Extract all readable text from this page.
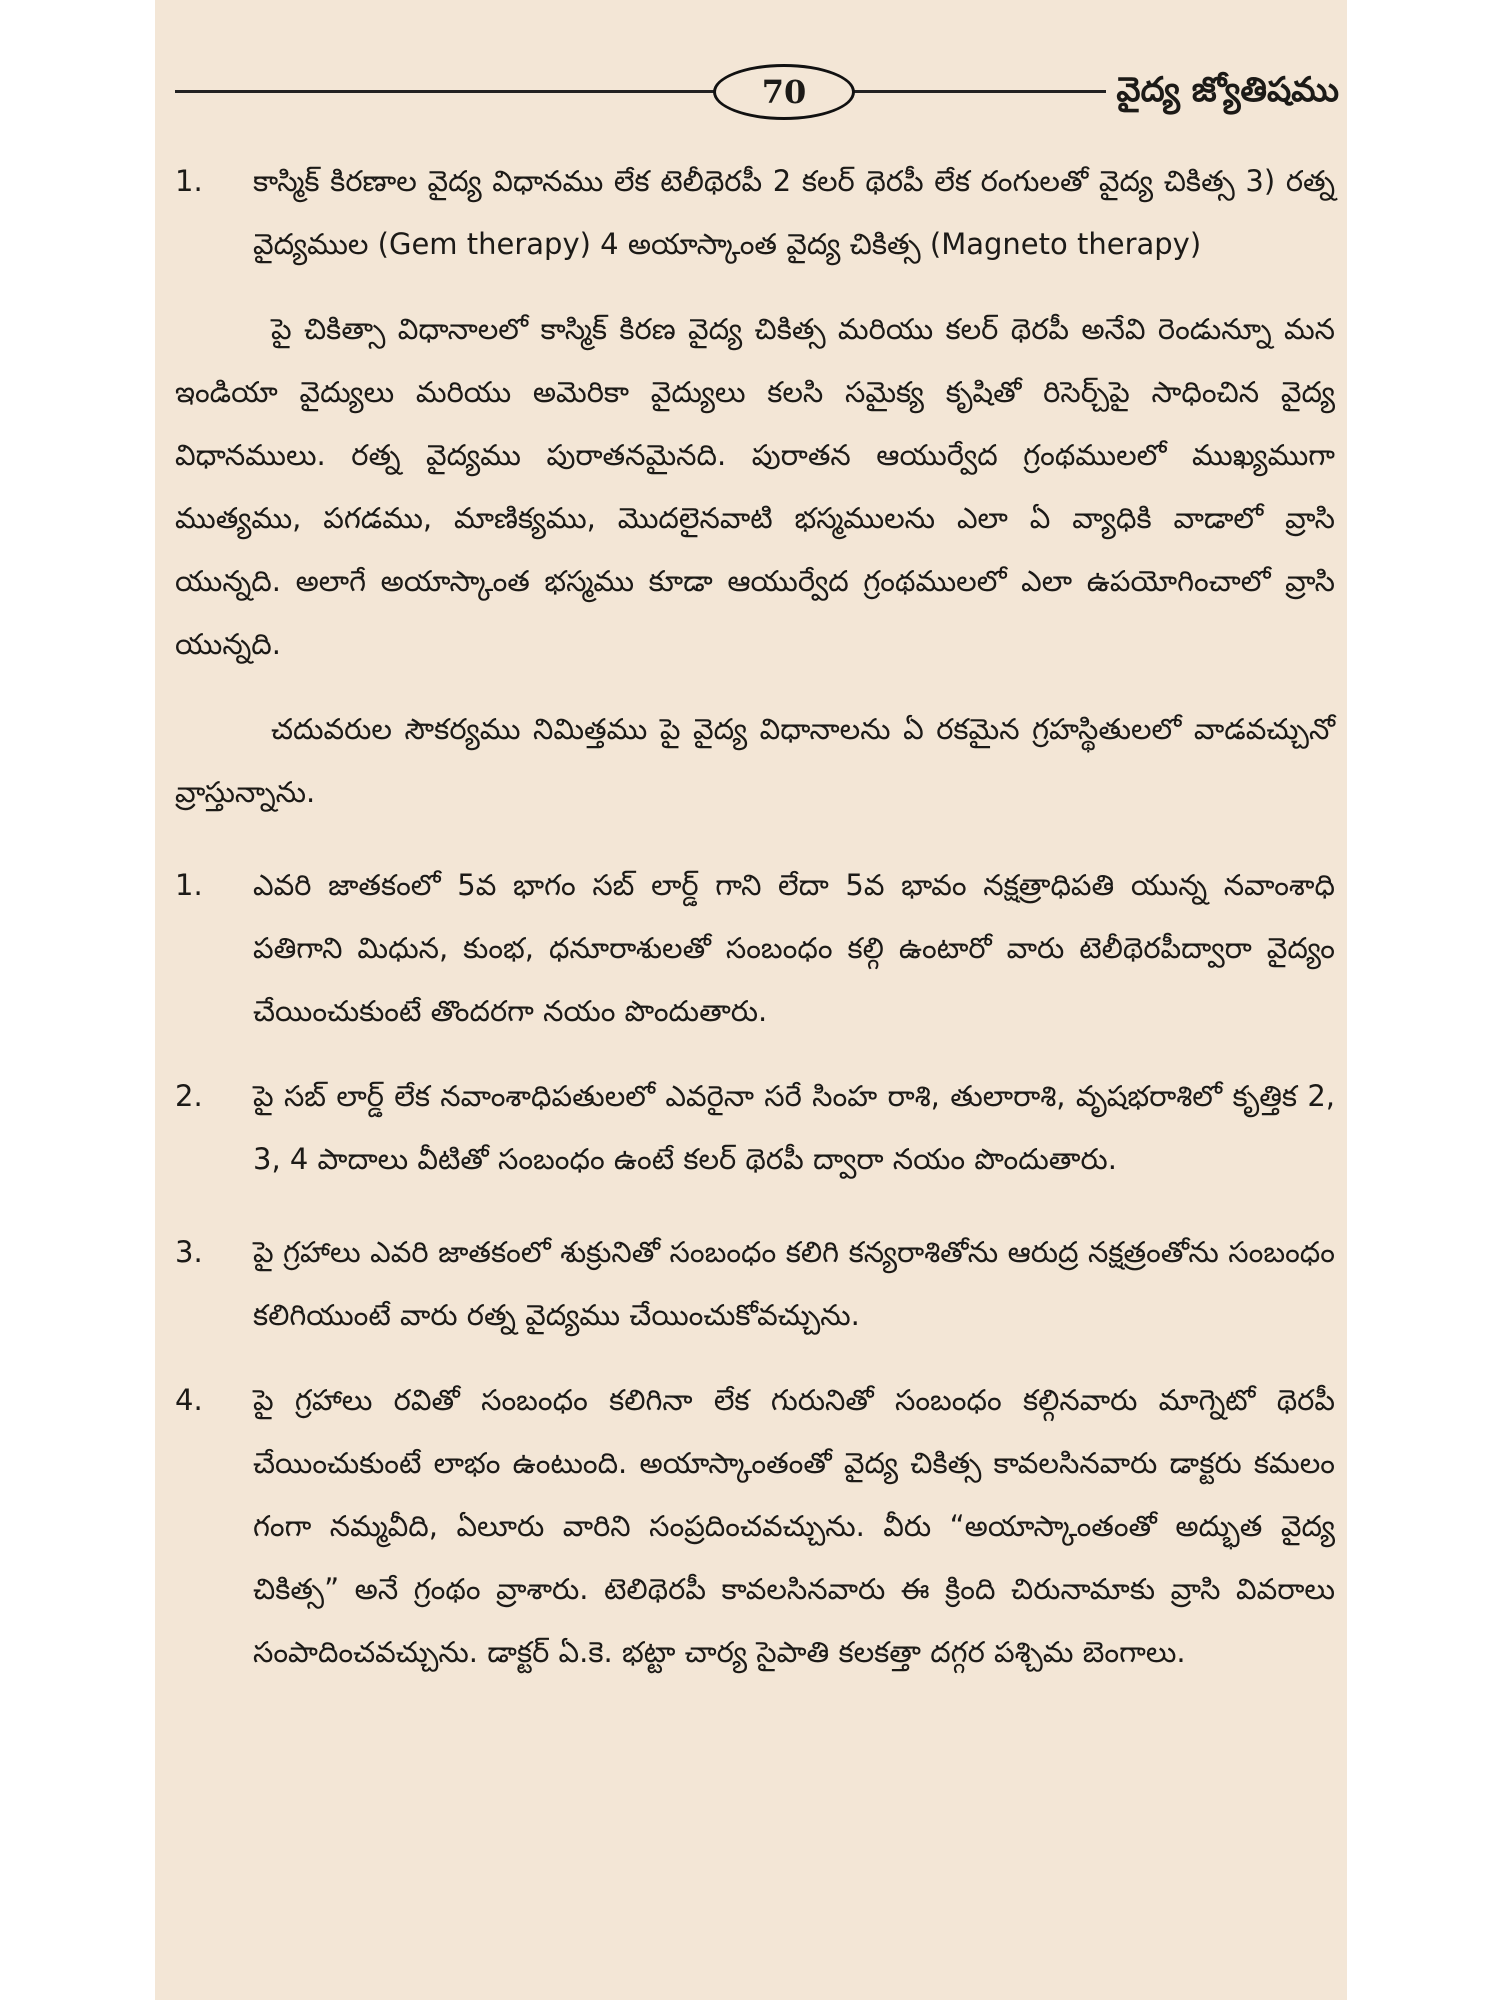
70	వైద్య జ్యోతిషము
1. కాస్మిక్ కిరణాల వైద్య విధానము లేక టెలీథెరపీ 2 కలర్ థెరపీ లేక రంగులతో వైద్య చికిత్స 3) రత్న వైద్యముల (Gem therapy) 4 అయాస్కాంత వైద్య చికిత్స (Magneto therapy)
పై చికిత్సా విధానాలలో కాస్మిక్ కిరణ వైద్య చికిత్స మరియు కలర్ థెరపీ అనేవి రెండున్నూ మన ఇండియా వైద్యులు మరియు అమెరికా వైద్యులు కలసి సమైక్య కృషితో రిసెర్చ్‌పై సాధించిన వైద్య విధానములు. రత్న వైద్యము పురాతనమైనది. పురాతన ఆయుర్వేద గ్రంథములలో ముఖ్యముగా ముత్యము, పగడము, మాణిక్యము, మొదలైనవాటి భస్మములను ఎలా ఏ వ్యాధికి వాడాలో వ్రాసి యున్నది. అలాగే అయాస్కాంత భస్మము కూడా ఆయుర్వేద గ్రంథములలో ఎలా ఉపయోగించాలో వ్రాసి యున్నది.
చదువరుల సౌకర్యము నిమిత్తము పై వైద్య విధానాలను ఏ రకమైన గ్రహస్థితులలో వాడవచ్చునో వ్రాస్తున్నాను.
1. ఎవరి జాతకంలో 5వ భాగం సబ్ లార్డ్ గాని లేదా 5వ భావం నక్షత్రాధిపతి యున్న నవాంశాధి పతిగాని మిధున, కుంభ, ధనూరాశులతో సంబంధం కల్గి ఉంటారో వారు టెలీథెరపీద్వారా వైద్యం చేయించుకుంటే తొందరగా నయం పొందుతారు.
2. పై సబ్ లార్డ్ లేక నవాంశాధిపతులలో ఎవరైనా సరే సింహ రాశి, తులారాశి, వృషభరాశిలో కృత్తిక 2, 3, 4 పాదాలు వీటితో సంబంధం ఉంటే కలర్ థెరపీ ద్వారా నయం పొందుతారు.
3. పై గ్రహాలు ఎవరి జాతకంలో శుక్రునితో సంబంధం కలిగి కన్యరాశితోను ఆరుద్ర నక్షత్రంతోను సంబంధం కలిగియుంటే వారు రత్న వైద్యము చేయించుకోవచ్చును.
4. పై గ్రహాలు రవితో సంబంధం కలిగినా లేక గురునితో సంబంధం కల్గినవారు మాగ్నెటో థెరపీ చేయించుకుంటే లాభం ఉంటుంది. అయాస్కాంతంతో వైద్య చికిత్స కావలసినవారు డాక్టరు కమలం గంగా నమ్మవీది, ఏలూరు వారిని సంప్రదించవచ్చును. వీరు “అయాస్కాంతంతో అద్భుత వైద్య చికిత్స” అనే గ్రంథం వ్రాశారు. టెలిథెరపీ కావలసినవారు ఈ క్రింది చిరునామాకు వ్రాసి వివరాలు సంపాదించవచ్చును. డాక్టర్ ఏ.కె. భట్టా చార్య సైపాతి కలకత్తా దగ్గర పశ్చిమ బెంగాలు.
